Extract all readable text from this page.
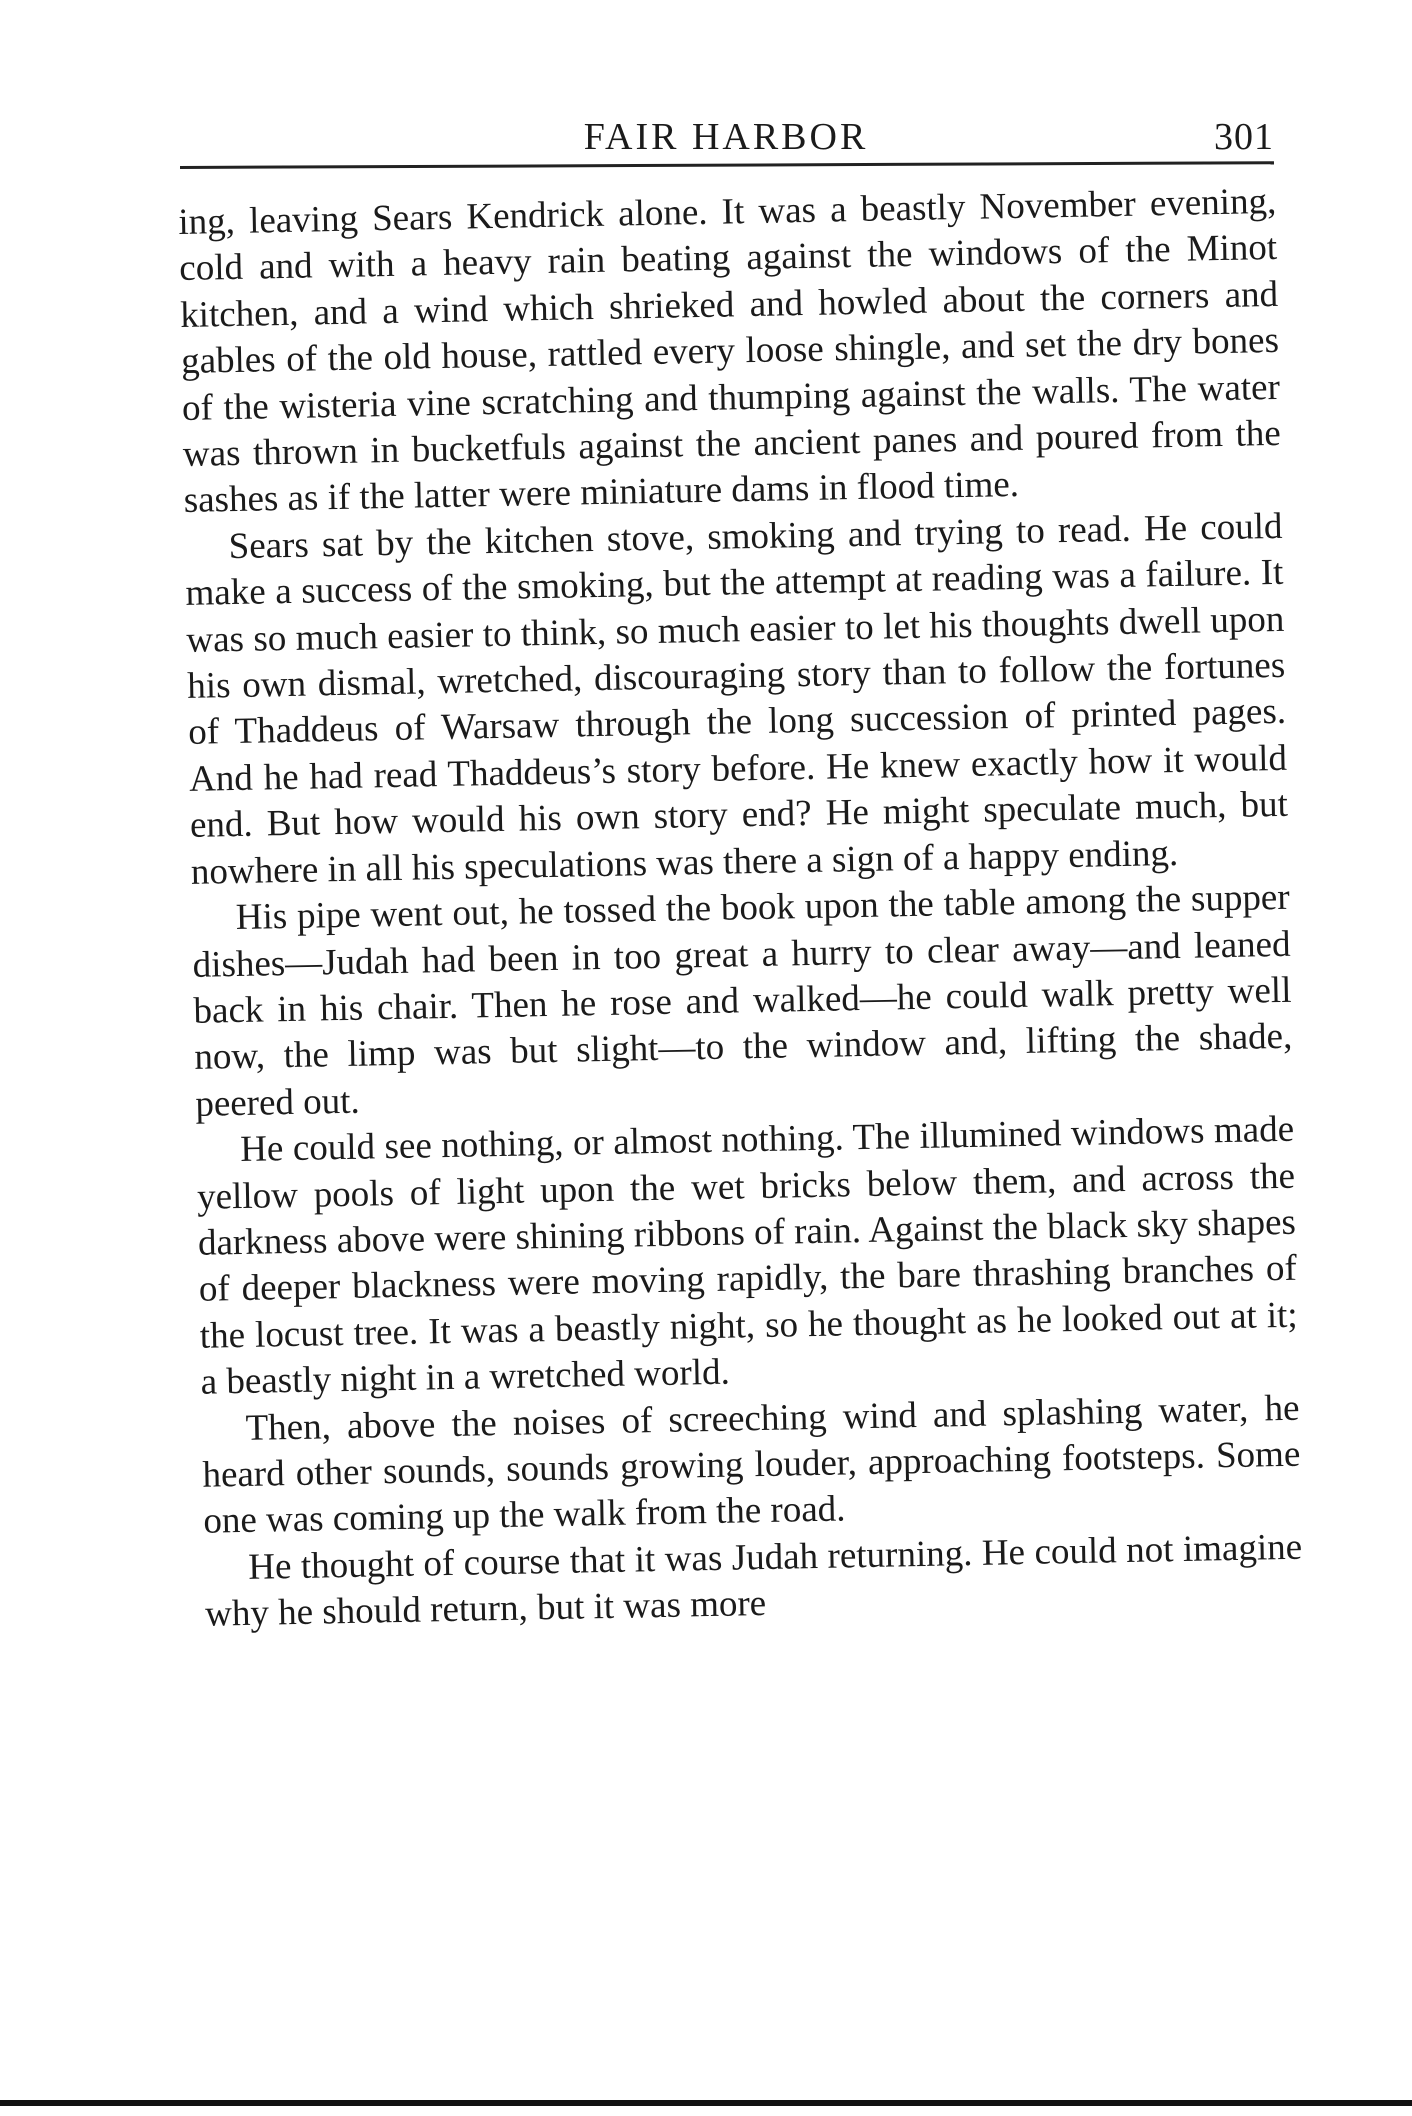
FAIR HARBOR	301

ing, leaving Sears Kendrick alone. It was a beastly November evening, cold and with a heavy rain beating against the windows of the Minot kitchen, and a wind which shrieked and howled about the corners and gables of the old house, rattled every loose shingle, and set the dry bones of the wisteria vine scratching and thumping against the walls. The water was thrown in bucketfuls against the ancient panes and poured from the sashes as if the latter were miniature dams in flood time.

Sears sat by the kitchen stove, smoking and trying to read. He could make a success of the smoking, but the attempt at reading was a failure. It was so much easier to think, so much easier to let his thoughts dwell upon his own dismal, wretched, discouraging story than to follow the fortunes of Thaddeus of Warsaw through the long succession of printed pages. And he had read Thaddeus’s story before. He knew exactly how it would end. But how would his own story end? He might speculate much, but nowhere in all his speculations was there a sign of a happy ending.

His pipe went out, he tossed the book upon the table among the supper dishes—Judah had been in too great a hurry to clear away—and leaned back in his chair. Then he rose and walked—he could walk pretty well now, the limp was but slight—to the window and, lifting the shade, peered out.

He could see nothing, or almost nothing. The illumined windows made yellow pools of light upon the wet bricks below them, and across the darkness above were shining ribbons of rain. Against the black sky shapes of deeper blackness were moving rapidly, the bare thrashing branches of the locust tree. It was a beastly night, so he thought as he looked out at it; a beastly night in a wretched world.

Then, above the noises of screeching wind and splashing water, he heard other sounds, sounds growing louder, approaching footsteps. Some one was coming up the walk from the road.

He thought of course that it was Judah returning. He could not imagine why he should return, but it was more
